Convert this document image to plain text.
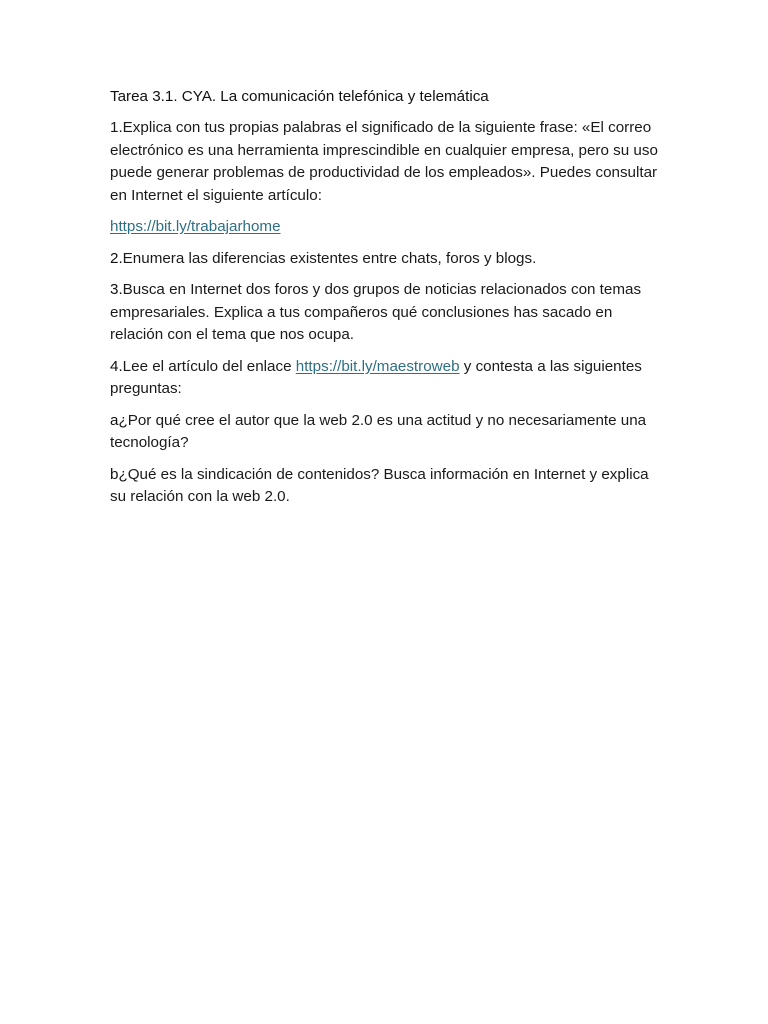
Tarea 3.1. CYA. La comunicación telefónica y telemática

1.Explica con tus propias palabras el significado de la siguiente frase: «El correo electrónico es una herramienta imprescindible en cualquier empresa, pero su uso puede generar problemas de productividad de los empleados». Puedes consultar en Internet el siguiente artículo:

https://bit.ly/trabajarhome

2.Enumera las diferencias existentes entre chats, foros y blogs.

3.Busca en Internet dos foros y dos grupos de noticias relacionados con temas empresariales. Explica a tus compañeros qué conclusiones has sacado en relación con el tema que nos ocupa.

4.Lee el artículo del enlace https://bit.ly/maestroweb y contesta a las siguientes preguntas:

a¿Por qué cree el autor que la web 2.0 es una actitud y no necesariamente una tecnología?

b¿Qué es la sindicación de contenidos? Busca información en Internet y explica su relación con la web 2.0.
